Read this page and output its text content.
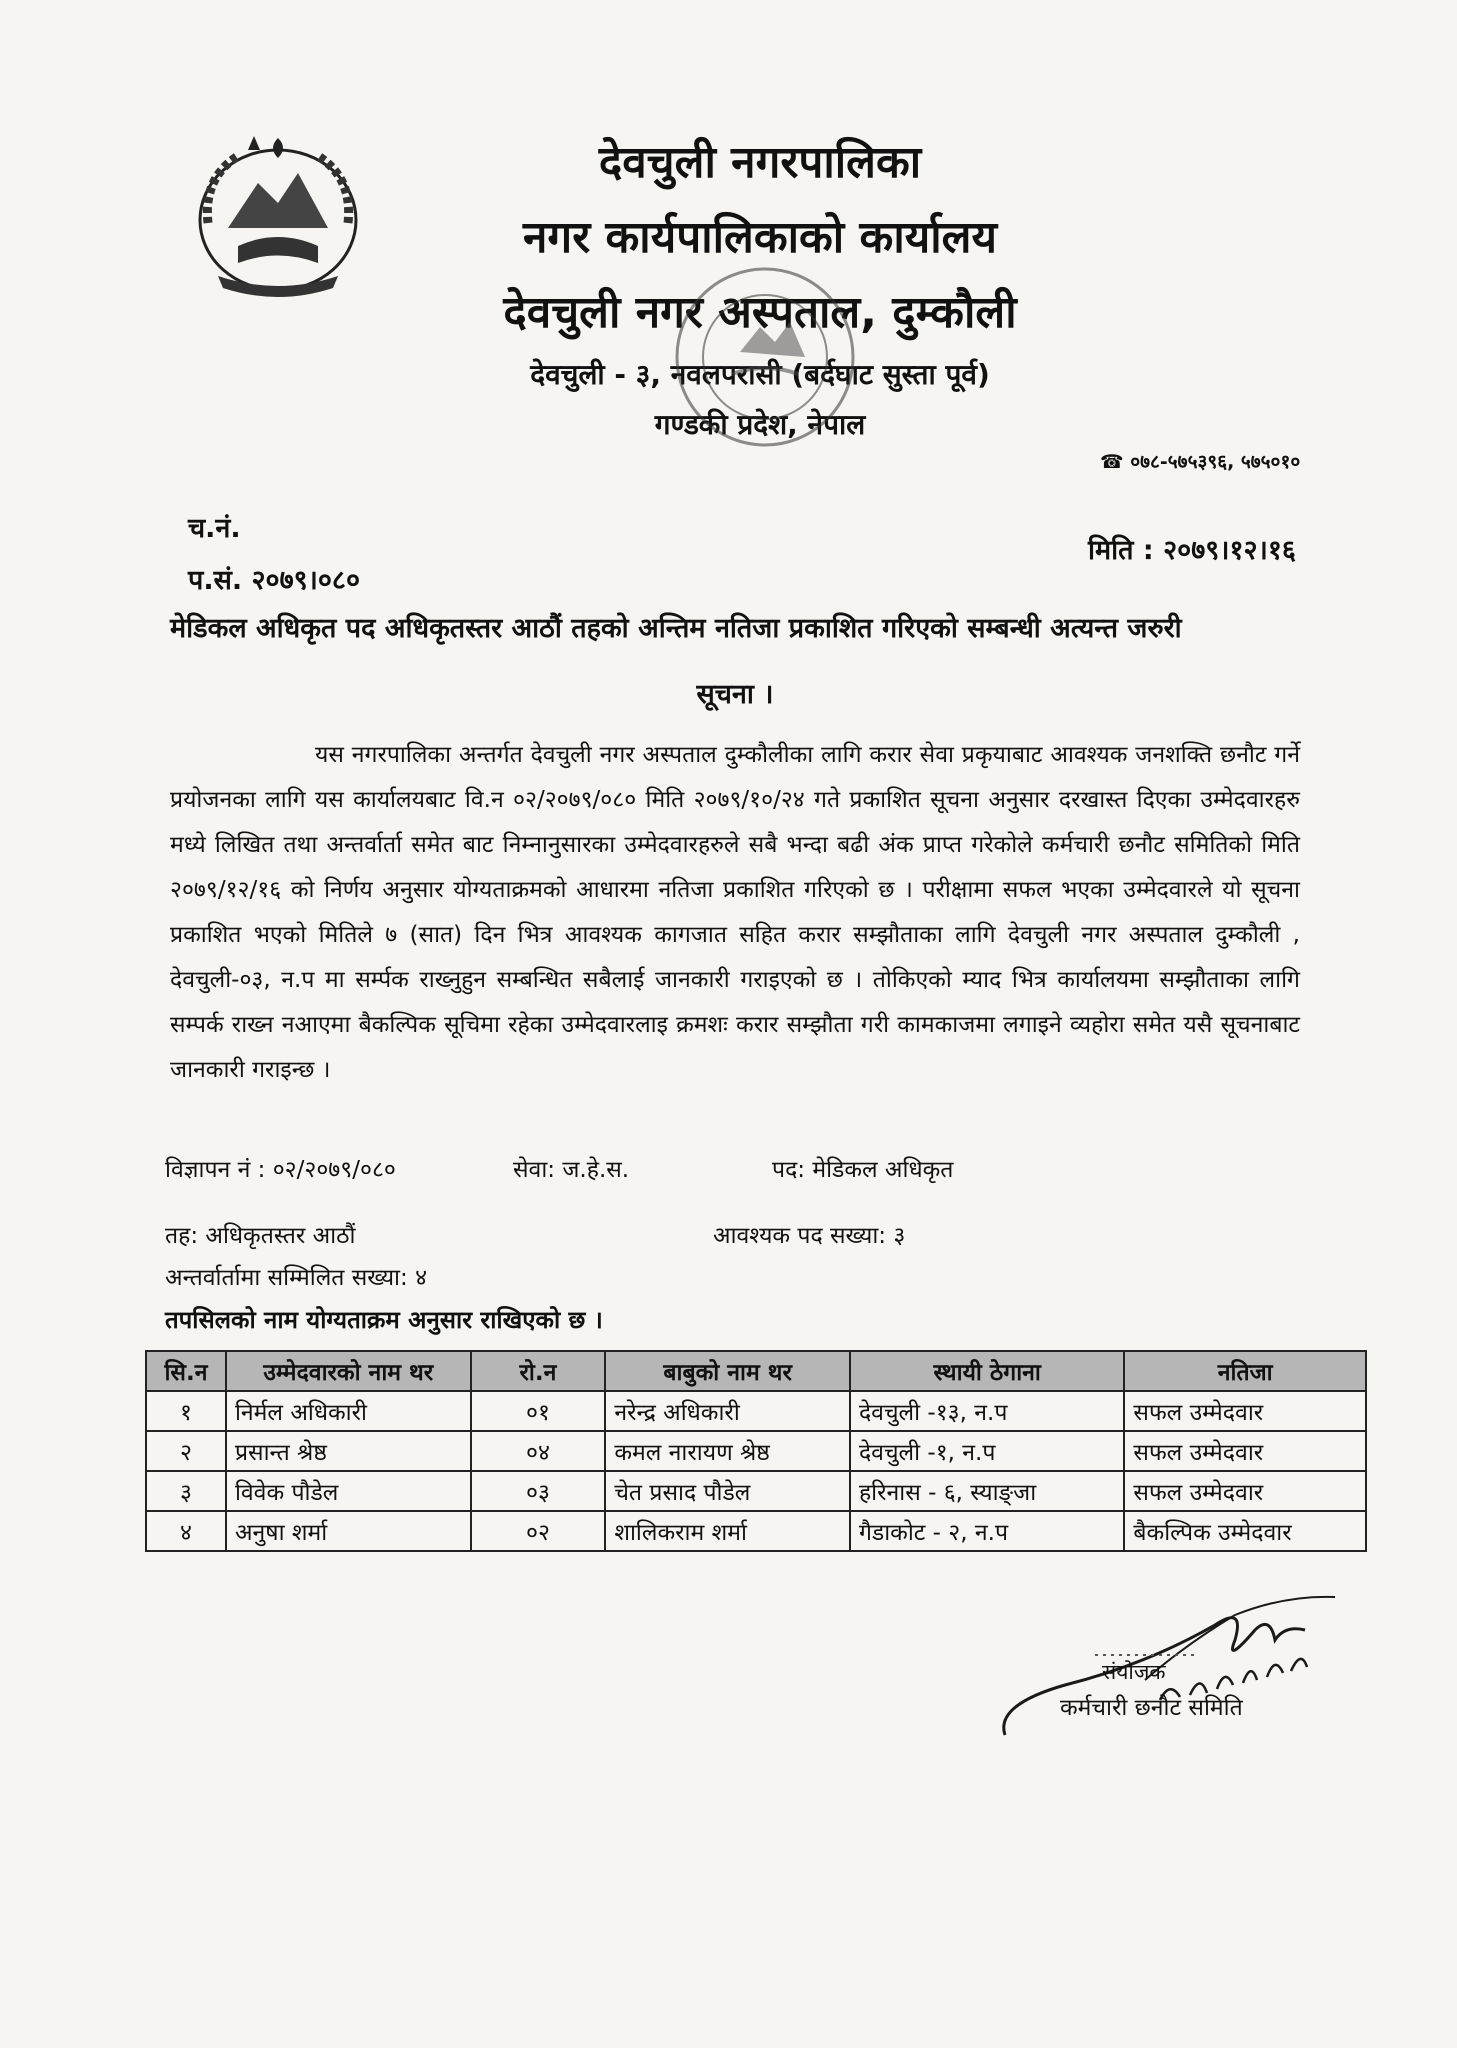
देवचुली नगरपालिका
नगर कार्यपालिकाको कार्यालय
देवचुली नगर अस्पताल, दुम्कौली
देवचुली - ३, नवलपरासी (बर्दघाट सुस्ता पूर्व)
गण्डकी प्रदेश, नेपाल
☎ ०७८-५७५३९६, ५७५०१०
च.नं.
प.सं. २०७९।०८०
मिति : २०७९।१२।१६
मेडिकल अधिकृत पद अधिकृतस्तर आठौं तहको अन्तिम नतिजा प्रकाशित गरिएको सम्बन्धी अत्यन्त जरुरी
सूचना ।

यस नगरपालिका अन्तर्गत देवचुली नगर अस्पताल दुम्कौलीका लागि करार सेवा प्रकृयाबाट आवश्यक जनशक्ति छनौट गर्ने प्रयोजनका लागि यस कार्यालयबाट वि.न ०२/२०७९/०८० मिति २०७९/१०/२४ गते प्रकाशित सूचना अनुसार दरखास्त दिएका उम्मेदवारहरु मध्ये लिखित तथा अन्तर्वार्ता समेत बाट निम्नानुसारका उम्मेदवारहरुले सबै भन्दा बढी अंक प्राप्त गरेकोले कर्मचारी छनौट समितिको मिति २०७९/१२/१६ को निर्णय अनुसार योग्यताक्रमको आधारमा नतिजा प्रकाशित गरिएको छ । परीक्षामा सफल भएका उम्मेदवारले यो सूचना प्रकाशित भएको मितिले ७ (सात) दिन भित्र आवश्यक कागजात सहित करार सम्झौताका लागि देवचुली नगर अस्पताल दुम्कौली , देवचुली-०३, न.प मा सर्म्पक राख्नुहुन सम्बन्धित सबैलाई जानकारी गराइएको छ । तोकिएको म्याद भित्र कार्यालयमा सम्झौताका लागि सम्पर्क राख्न नआएमा बैकल्पिक सूचिमा रहेका उम्मेदवारलाइ क्रमशः करार सम्झौता गरी कामकाजमा लगाइने व्यहोरा समेत यसै सूचनाबाट जानकारी गराइन्छ ।

विज्ञापन नं : ०२/२०७९/०८०	सेवा: ज.हे.स.	पद: मेडिकल अधिकृत
तह: अधिकृतस्तर आठौं	आवश्यक पद सख्या: ३
अन्तर्वार्तामा सम्मिलित सख्या: ४
तपसिलको नाम योग्यताक्रम अनुसार राखिएको छ ।
सि.न	उम्मेदवारको नाम थर	रो.न	बाबुको नाम थर	स्थायी ठेगाना	नतिजा
१	निर्मल अधिकारी	०१	नरेन्द्र अधिकारी	देवचुली -१३, न.प	सफल उम्मेदवार
२	प्रसान्त श्रेष्ठ	०४	कमल नारायण श्रेष्ठ	देवचुली -१, न.प	सफल उम्मेदवार
३	विवेक पौडेल	०३	चेत प्रसाद पौडेल	हरिनास - ६, स्याङ्जा	सफल उम्मेदवार
४	अनुषा शर्मा	०२	शालिकराम शर्मा	गैडाकोट - २, न.प	बैकल्पिक उम्मेदवार
संयोजक
कर्मचारी छनौट समिति
